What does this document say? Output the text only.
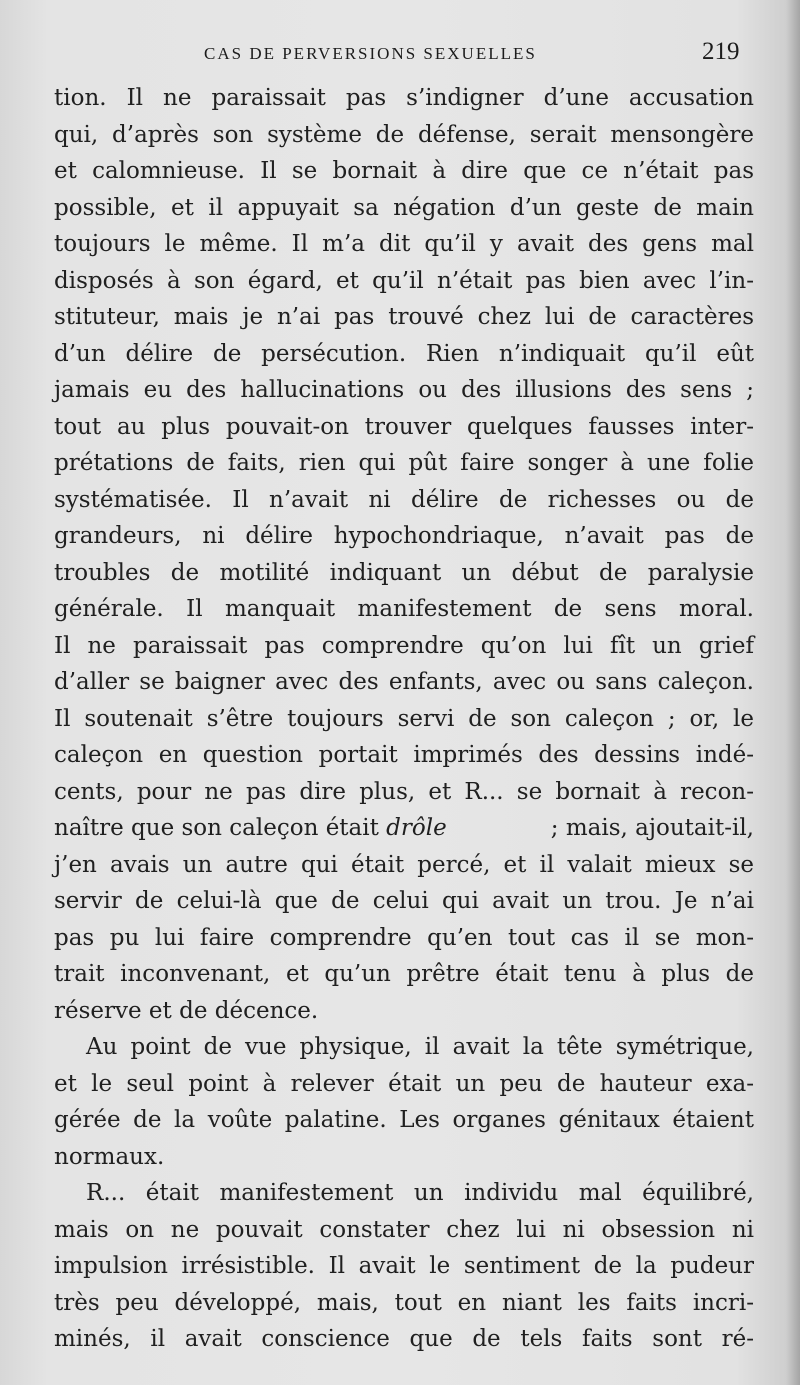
CAS DE PERVERSIONS SEXUELLES	219
tion. Il ne paraissait pas s’indigner d’une accusation
qui, d’après son système de défense, serait mensongère
et calomnieuse. Il se bornait à dire que ce n’était pas
possible, et il appuyait sa négation d’un geste de main
toujours le même. Il m’a dit qu’il y avait des gens mal
disposés à son égard, et qu’il n’était pas bien avec l’in-
stituteur, mais je n’ai pas trouvé chez lui de caractères
d’un délire de persécution. Rien n’indiquait qu’il eût
jamais eu des hallucinations ou des illusions des sens ;
tout au plus pouvait-on trouver quelques fausses inter-
prétations de faits, rien qui pût faire songer à une folie
systématisée. Il n’avait ni délire de richesses ou de
grandeurs, ni délire hypochondriaque, n’avait pas de
troubles de motilité indiquant un début de paralysie
générale. Il manquait manifestement de sens moral.
Il ne paraissait pas comprendre qu’on lui fît un grief
d’aller se baigner avec des enfants, avec ou sans caleçon.
Il soutenait s’être toujours servi de son caleçon ; or, le
caleçon en question portait imprimés des dessins indé-
cents, pour ne pas dire plus, et R... se bornait à recon-
naître que son caleçon était drôle	; mais, ajoutait-il,
j’en avais un autre qui était percé, et il valait mieux se
servir de celui-là que de celui qui avait un trou. Je n’ai
pas pu lui faire comprendre qu’en tout cas il se mon-
trait inconvenant, et qu’un prêtre était tenu à plus de
réserve et de décence.
Au point de vue physique, il avait la tête symétrique,
et le seul point à relever était un peu de hauteur exa-
gérée de la voûte palatine. Les organes génitaux étaient
normaux.
R... était manifestement un individu mal équilibré,
mais on ne pouvait constater chez lui ni obsession ni
impulsion irrésistible. Il avait le sentiment de la pudeur
très peu développé, mais, tout en niant les faits incri-
minés, il avait conscience que de tels faits sont ré-
